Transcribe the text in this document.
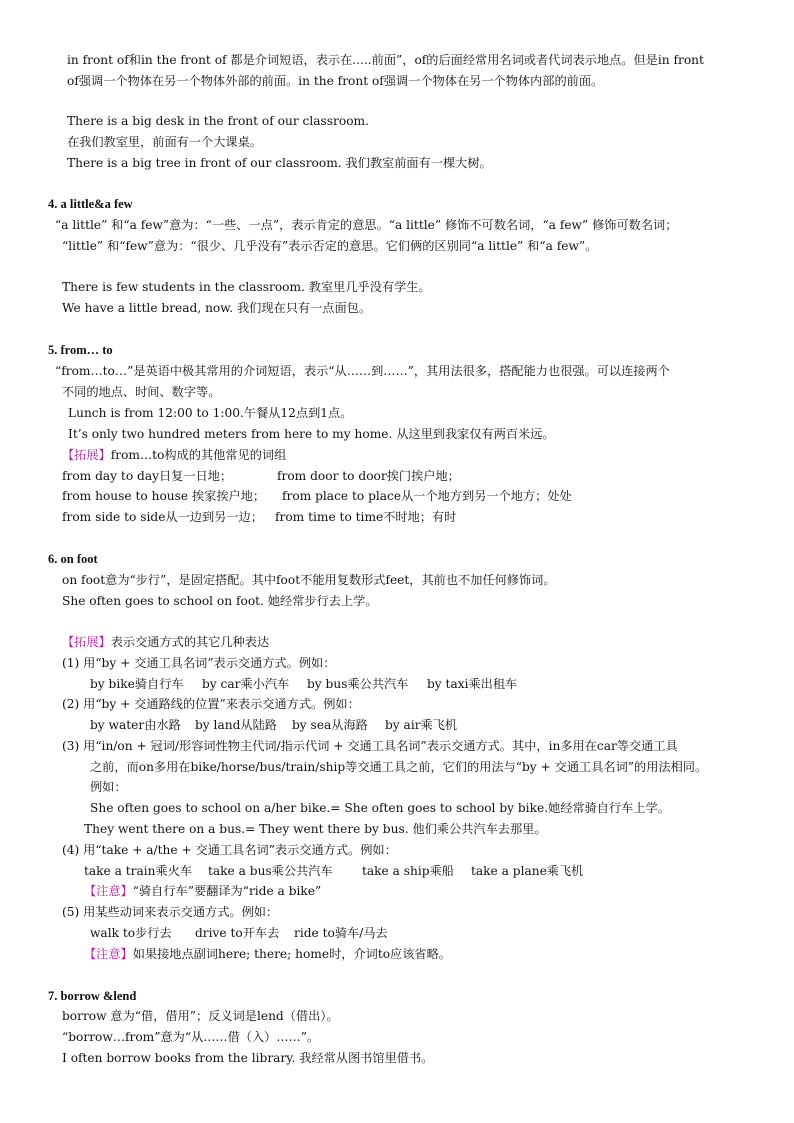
in front of和in the front of 都是介词短语，表示在.....前面”，of的后面经常用名词或者代词表示地点。但是in front
of强调一个物体在另一个物体外部的前面。in the front of强调一个物体在另一个物体内部的前面。
There is a big desk in the front of our classroom.
在我们教室里，前面有一个大课桌。
There is a big tree in front of our classroom. 我们教室前面有一棵大树。
4. a little&a few
“a little” 和“a few”意为：“一些、一点”，表示肯定的意思。“a little” 修饰不可数名词，“a few” 修饰可数名词；
“little” 和“few”意为：“很少、几乎没有”表示否定的意思。它们俩的区别同“a little” 和“a few”。
There is few students in the classroom. 教室里几乎没有学生。
We have a little bread, now. 我们现在只有一点面包。
5. from… to
“from…to…”是英语中极其常用的介词短语，表示“从……到……”，其用法很多，搭配能力也很强。可以连接两个
不同的地点、时间、数字等。
Lunch is from 12:00 to 1:00.午餐从12点到1点。
It’s only two hundred meters from here to my home. 从这里到我家仅有两百米远。
【拓展】from…to构成的其他常见的词组
from day to day日复一日地；	from door to door挨门挨户地；
from house to house 挨家挨户地； from place to place从一个地方到另一个地方；处处
from side to side从一边到另一边； from time to time不时地；有时
6. on foot
on foot意为“步行”，是固定搭配。其中foot不能用复数形式feet，其前也不加任何修饰词。
She often goes to school on foot. 她经常步行去上学。
【拓展】表示交通方式的其它几种表达
(1) 用“by + 交通工具名词”表示交通方式。例如：
by bike骑自行车 by car乘小汽车 by bus乘公共汽车 by taxi乘出租车
(2) 用“by + 交通路线的位置”来表示交通方式。例如：
by water由水路 by land从陆路 by sea从海路 by air乘飞机
(3) 用“in/on + 冠词/形容词性物主代词/指示代词 + 交通工具名词”表示交通方式。其中，in多用在car等交通工具
之前，而on多用在bike/horse/bus/train/ship等交通工具之前，它们的用法与“by + 交通工具名词”的用法相同。
例如：
She often goes to school on a/her bike.= She often goes to school by bike.她经常骑自行车上学。
They went there on a bus.= They went there by bus. 他们乘公共汽车去那里。
(4) 用“take + a/the + 交通工具名词”表示交通方式。例如：
take a train乘火车 take a bus乘公共汽车 take a ship乘船 take a plane乘飞机
【注意】“骑自行车”要翻译为“ride a bike”
(5) 用某些动词来表示交通方式。例如：
walk to步行去 drive to开车去 ride to骑车/马去
【注意】如果接地点副词here; there; home时，介词to应该省略。
7. borrow &lend
borrow 意为“借，借用”；反义词是lend（借出）。
“borrow…from”意为“从……借（入）……”。
I often borrow books from the library. 我经常从图书馆里借书。
